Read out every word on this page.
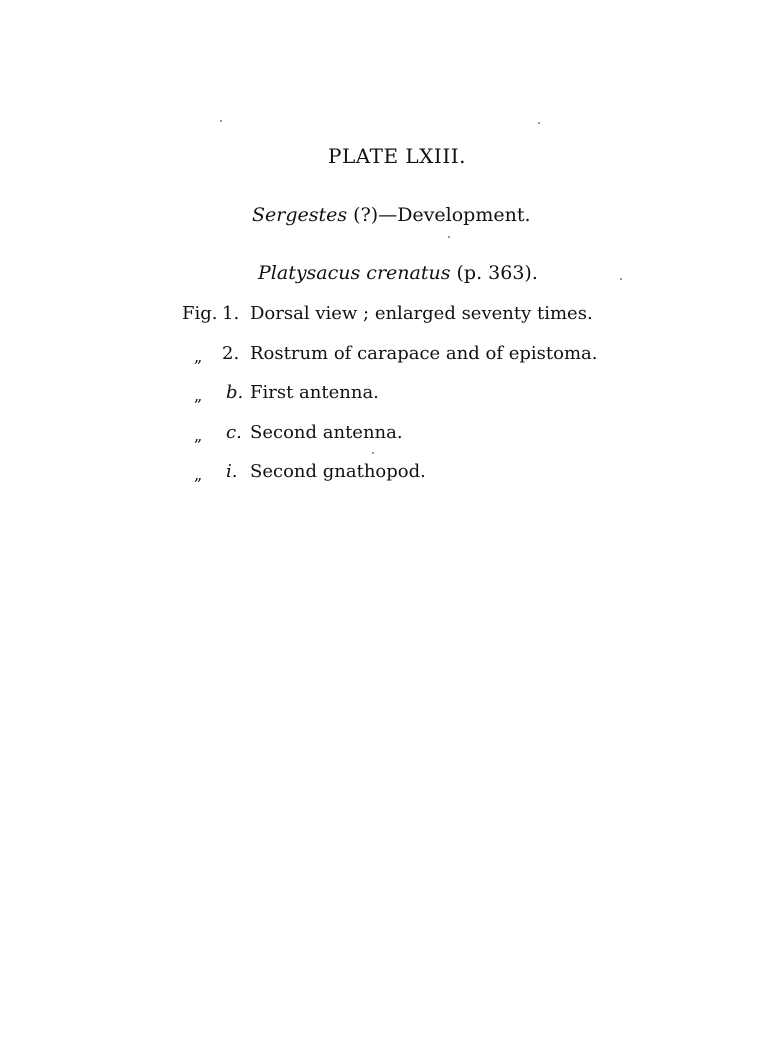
PLATE LXIII.
Sergestes (?)—Development.
Platysacus crenatus (p. 363).
Fig. 1. Dorsal view ; enlarged seventy times.
„ 2. Rostrum of carapace and of epistoma.
„ b. First antenna.
„ c. Second antenna.
„ i. Second gnathopod.
